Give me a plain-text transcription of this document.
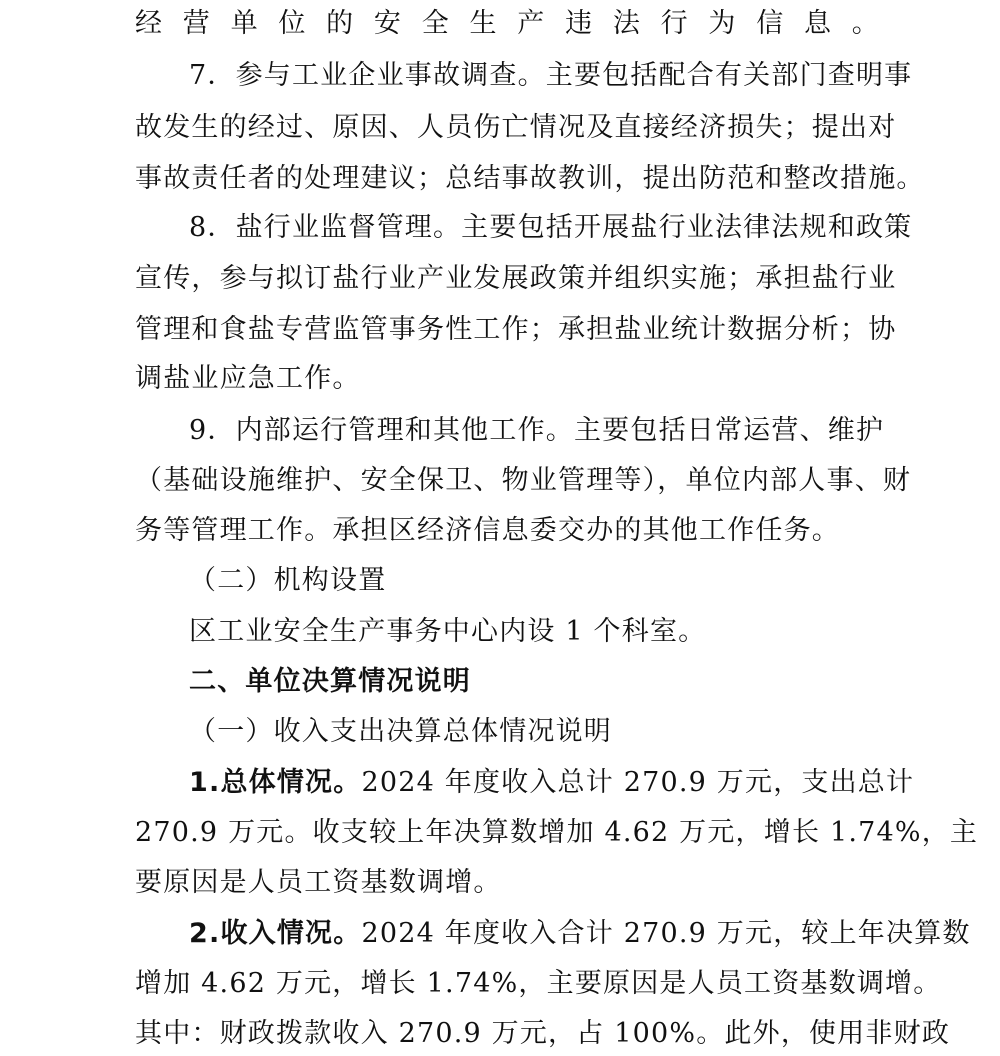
经营单位的安全生产违法行为信息。
7．参与工业企业事故调查。主要包括配合有关部门查明事
故发生的经过、原因、人员伤亡情况及直接经济损失；提出对
事故责任者的处理建议；总结事故教训，提出防范和整改措施。
8．盐行业监督管理。主要包括开展盐行业法律法规和政策
宣传，参与拟订盐行业产业发展政策并组织实施；承担盐行业
管理和食盐专营监管事务性工作；承担盐业统计数据分析；协
调盐业应急工作。
9．内部运行管理和其他工作。主要包括日常运营、维护
（基础设施维护、安全保卫、物业管理等），单位内部人事、财
务等管理工作。承担区经济信息委交办的其他工作任务。
（二）机构设置
区工业安全生产事务中心内设 1 个科室。
二、单位决算情况说明
（一）收入支出决算总体情况说明
1.总体情况。2024 年度收入总计 270.9 万元，支出总计
270.9 万元。收支较上年决算数增加 4.62 万元，增长 1.74%，主
要原因是人员工资基数调增。
2.收入情况。2024 年度收入合计 270.9 万元，较上年决算数
增加 4.62 万元，增长 1.74%，主要原因是人员工资基数调增。
其中：财政拨款收入 270.9 万元，占 100%。此外，使用非财政
